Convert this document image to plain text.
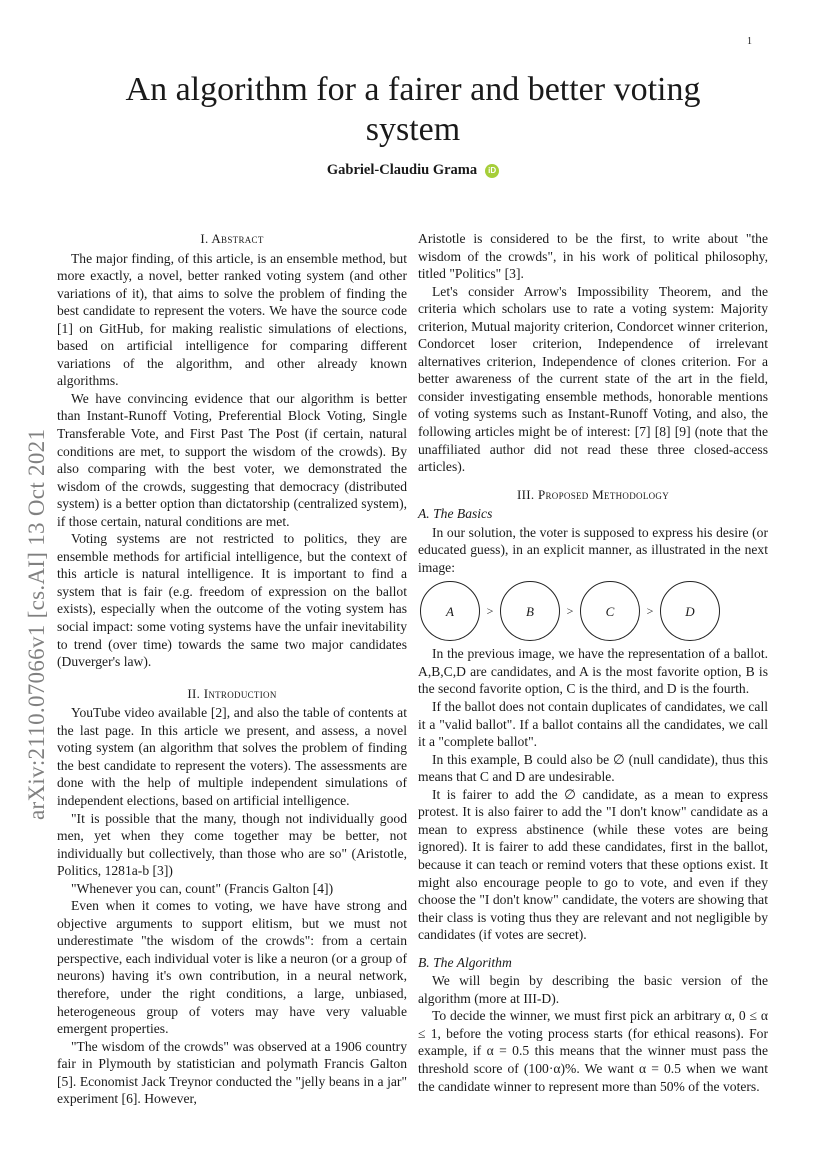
1
An algorithm for a fairer and better voting system
Gabriel-Claudiu Grama iD
arXiv:2110.07066v1 [cs.AI] 13 Oct 2021
I. Abstract

The major finding, of this article, is an ensemble method, but more exactly, a novel, better ranked voting system (and other variations of it), that aims to solve the problem of finding the best candidate to represent the voters. We have the source code [1] on GitHub, for making realistic simulations of elections, based on artificial intelligence for comparing different variations of the algorithm, and other already known algorithms.

We have convincing evidence that our algorithm is better than Instant-Runoff Voting, Preferential Block Voting, Single Transferable Vote, and First Past The Post (if certain, natural conditions are met, to support the wisdom of the crowds). By also comparing with the best voter, we demonstrated the wisdom of the crowds, suggesting that democracy (distributed system) is a better option than dictatorship (centralized system), if those certain, natural conditions are met.

Voting systems are not restricted to politics, they are ensemble methods for artificial intelligence, but the context of this article is natural intelligence. It is important to find a system that is fair (e.g. freedom of expression on the ballot exists), especially when the outcome of the voting system has social impact: some voting systems have the unfair inevitability to trend (over time) towards the same two major candidates (Duverger's law).

II. Introduction

YouTube video available [2], and also the table of contents at the last page. In this article we present, and assess, a novel voting system (an algorithm that solves the problem of finding the best candidate to represent the voters). The assessments are done with the help of multiple independent simulations of independent elections, based on artificial intelligence.

"It is possible that the many, though not individually good men, yet when they come together may be better, not individually but collectively, than those who are so" (Aristotle, Politics, 1281a-b [3])

"Whenever you can, count" (Francis Galton [4])

Even when it comes to voting, we have have strong and objective arguments to support elitism, but we must not underestimate "the wisdom of the crowds": from a certain perspective, each individual voter is like a neuron (or a group of neurons) having it's own contribution, in a neural network, therefore, under the right conditions, a large, unbiased, heterogeneous group of voters may have very valuable emergent properties.

"The wisdom of the crowds" was observed at a 1906 country fair in Plymouth by statistician and polymath Francis Galton [5]. Economist Jack Treynor conducted the "jelly beans in a jar" experiment [6]. However,

Aristotle is considered to be the first, to write about "the wisdom of the crowds", in his work of political philosophy, titled "Politics" [3].

Let's consider Arrow's Impossibility Theorem, and the criteria which scholars use to rate a voting system: Majority criterion, Mutual majority criterion, Condorcet winner criterion, Condorcet loser criterion, Independence of irrelevant alternatives criterion, Independence of clones criterion. For a better awareness of the current state of the art in the field, consider investigating ensemble methods, honorable mentions of voting systems such as Instant-Runoff Voting, and also, the following articles might be of interest: [7] [8] [9] (note that the unaffiliated author did not read these three closed-access articles).

III. Proposed Methodology
A. The Basics

In our solution, the voter is supposed to express his desire (or educated guess), in an explicit manner, as illustrated in the next image:

A	>	B	>	C	>	D

In the previous image, we have the representation of a ballot. A,B,C,D are candidates, and A is the most favorite option, B is the second favorite option, C is the third, and D is the fourth.

If the ballot does not contain duplicates of candidates, we call it a "valid ballot". If a ballot contains all the candidates, we call it a "complete ballot".

In this example, B could also be ∅ (null candidate), thus this means that C and D are undesirable.

It is fairer to add the ∅ candidate, as a mean to express protest. It is also fairer to add the "I don't know" candidate as a mean to express abstinence (while these votes are being ignored). It is fairer to add these candidates, first in the ballot, because it can teach or remind voters that these options exist. It might also encourage people to go to vote, and even if they choose the "I don't know" candidate, the voters are showing that their class is voting thus they are relevant and not negligible by candidates (if votes are secret).

B. The Algorithm

We will begin by describing the basic version of the algorithm (more at III-D).

To decide the winner, we must first pick an arbitrary α, 0 ≤ α ≤ 1, before the voting process starts (for ethical reasons). For example, if α = 0.5 this means that the winner must pass the threshold score of (100·α)%. We want α = 0.5 when we want the candidate winner to represent more than 50% of the voters.
